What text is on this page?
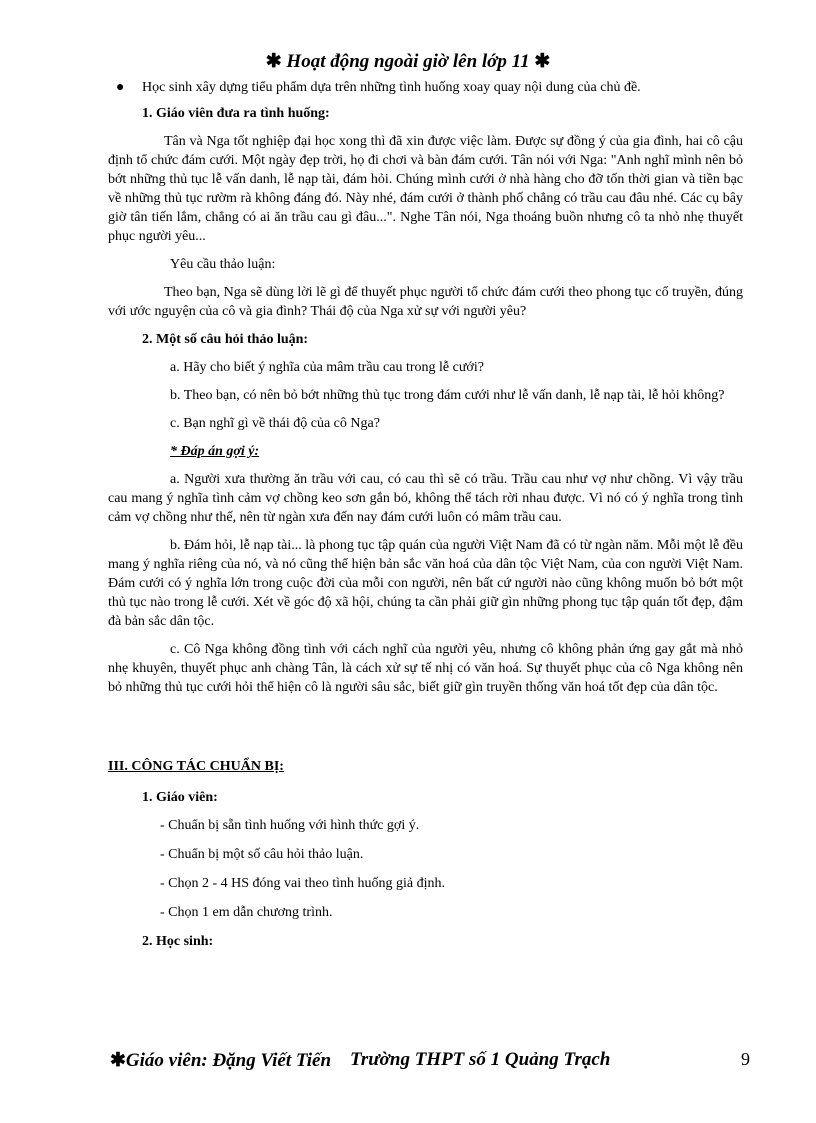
✱ Hoạt động ngoài giờ lên lớp 11 ✱
● Học sinh xây dựng tiểu phẩm dựa trên những tình huống xoay quay nội dung của chủ đề.
1. Giáo viên đưa ra tình huống:

Tân và Nga tốt nghiệp đại học xong thì đã xin được việc làm. Được sự đồng ý của gia đình, hai cô cậu định tổ chức đám cưới. Một ngày đẹp trời, họ đi chơi và bàn đám cưới. Tân nói với Nga: "Anh nghĩ mình nên bỏ bớt những thủ tục lễ vấn danh, lễ nạp tài, đám hỏi. Chúng mình cưới ở nhà hàng cho đỡ tốn thời gian và tiền bạc về những thủ tục rườm rà không đáng đó. Này nhé, đám cưới ở thành phố chẳng có trầu cau đâu nhé. Các cụ bây giờ tân tiến lắm, chẳng có ai ăn trầu cau gì đâu...". Nghe Tân nói, Nga thoáng buồn nhưng cô ta nhỏ nhẹ thuyết phục người yêu...

Yêu cầu thảo luận:

Theo bạn, Nga sẽ dùng lời lẽ gì để thuyết phục người tổ chức đám cưới theo phong tục cổ truyền, đúng với ước nguyện của cô và gia đình? Thái độ của Nga xử sự với người yêu?

2. Một số câu hỏi thảo luận:
a. Hãy cho biết ý nghĩa của mâm trầu cau trong lễ cưới?

b. Theo bạn, có nên bỏ bớt những thủ tục trong đám cưới như lễ vấn danh, lễ nạp tài, lễ hỏi không?

c. Bạn nghĩ gì về thái độ của cô Nga?
* Đáp án gợi ý:

a. Người xưa thường ăn trầu với cau, có cau thì sẽ có trầu. Trầu cau như vợ như chồng. Vì vậy trầu cau mang ý nghĩa tình cảm vợ chồng keo sơn gắn bó, không thể tách rời nhau được. Vì nó có ý nghĩa trong tình cảm vợ chồng như thế, nên từ ngàn xưa đến nay đám cưới luôn có mâm trầu cau.

b. Đám hỏi, lễ nạp tài... là phong tục tập quán của người Việt Nam đã có từ ngàn năm. Mỗi một lễ đều mang ý nghĩa riêng của nó, và nó cũng thể hiện bản sắc văn hoá của dân tộc Việt Nam, của con người Việt Nam. Đám cưới có ý nghĩa lớn trong cuộc đời của mỗi con người, nên bất cứ người nào cũng không muốn bỏ bớt một thủ tục nào trong lễ cưới. Xét về góc độ xã hội, chúng ta cần phải giữ gìn những phong tục tập quán tốt đẹp, đậm đà bản sắc dân tộc.

c. Cô Nga không đồng tình với cách nghĩ của người yêu, nhưng cô không phản ứng gay gắt mà nhỏ nhẹ khuyên, thuyết phục anh chàng Tân, là cách xử sự tế nhị có văn hoá. Sự thuyết phục của cô Nga không nên bỏ những thủ tục cưới hỏi thể hiện cô là người sâu sắc, biết giữ gìn truyền thống văn hoá tốt đẹp của dân tộc.

III. CÔNG TÁC CHUẨN BỊ:
1. Giáo viên:
- Chuẩn bị sẵn tình huống với hình thức gợi ý.
- Chuẩn bị một số câu hỏi thảo luận.
- Chọn 2 - 4 HS đóng vai theo tình huống giả định.
- Chọn 1 em dẫn chương trình.
2. Học sinh:
✱Giáo viên: Đặng Viết Tiến Trường THPT số 1 Quảng Trạch	9
